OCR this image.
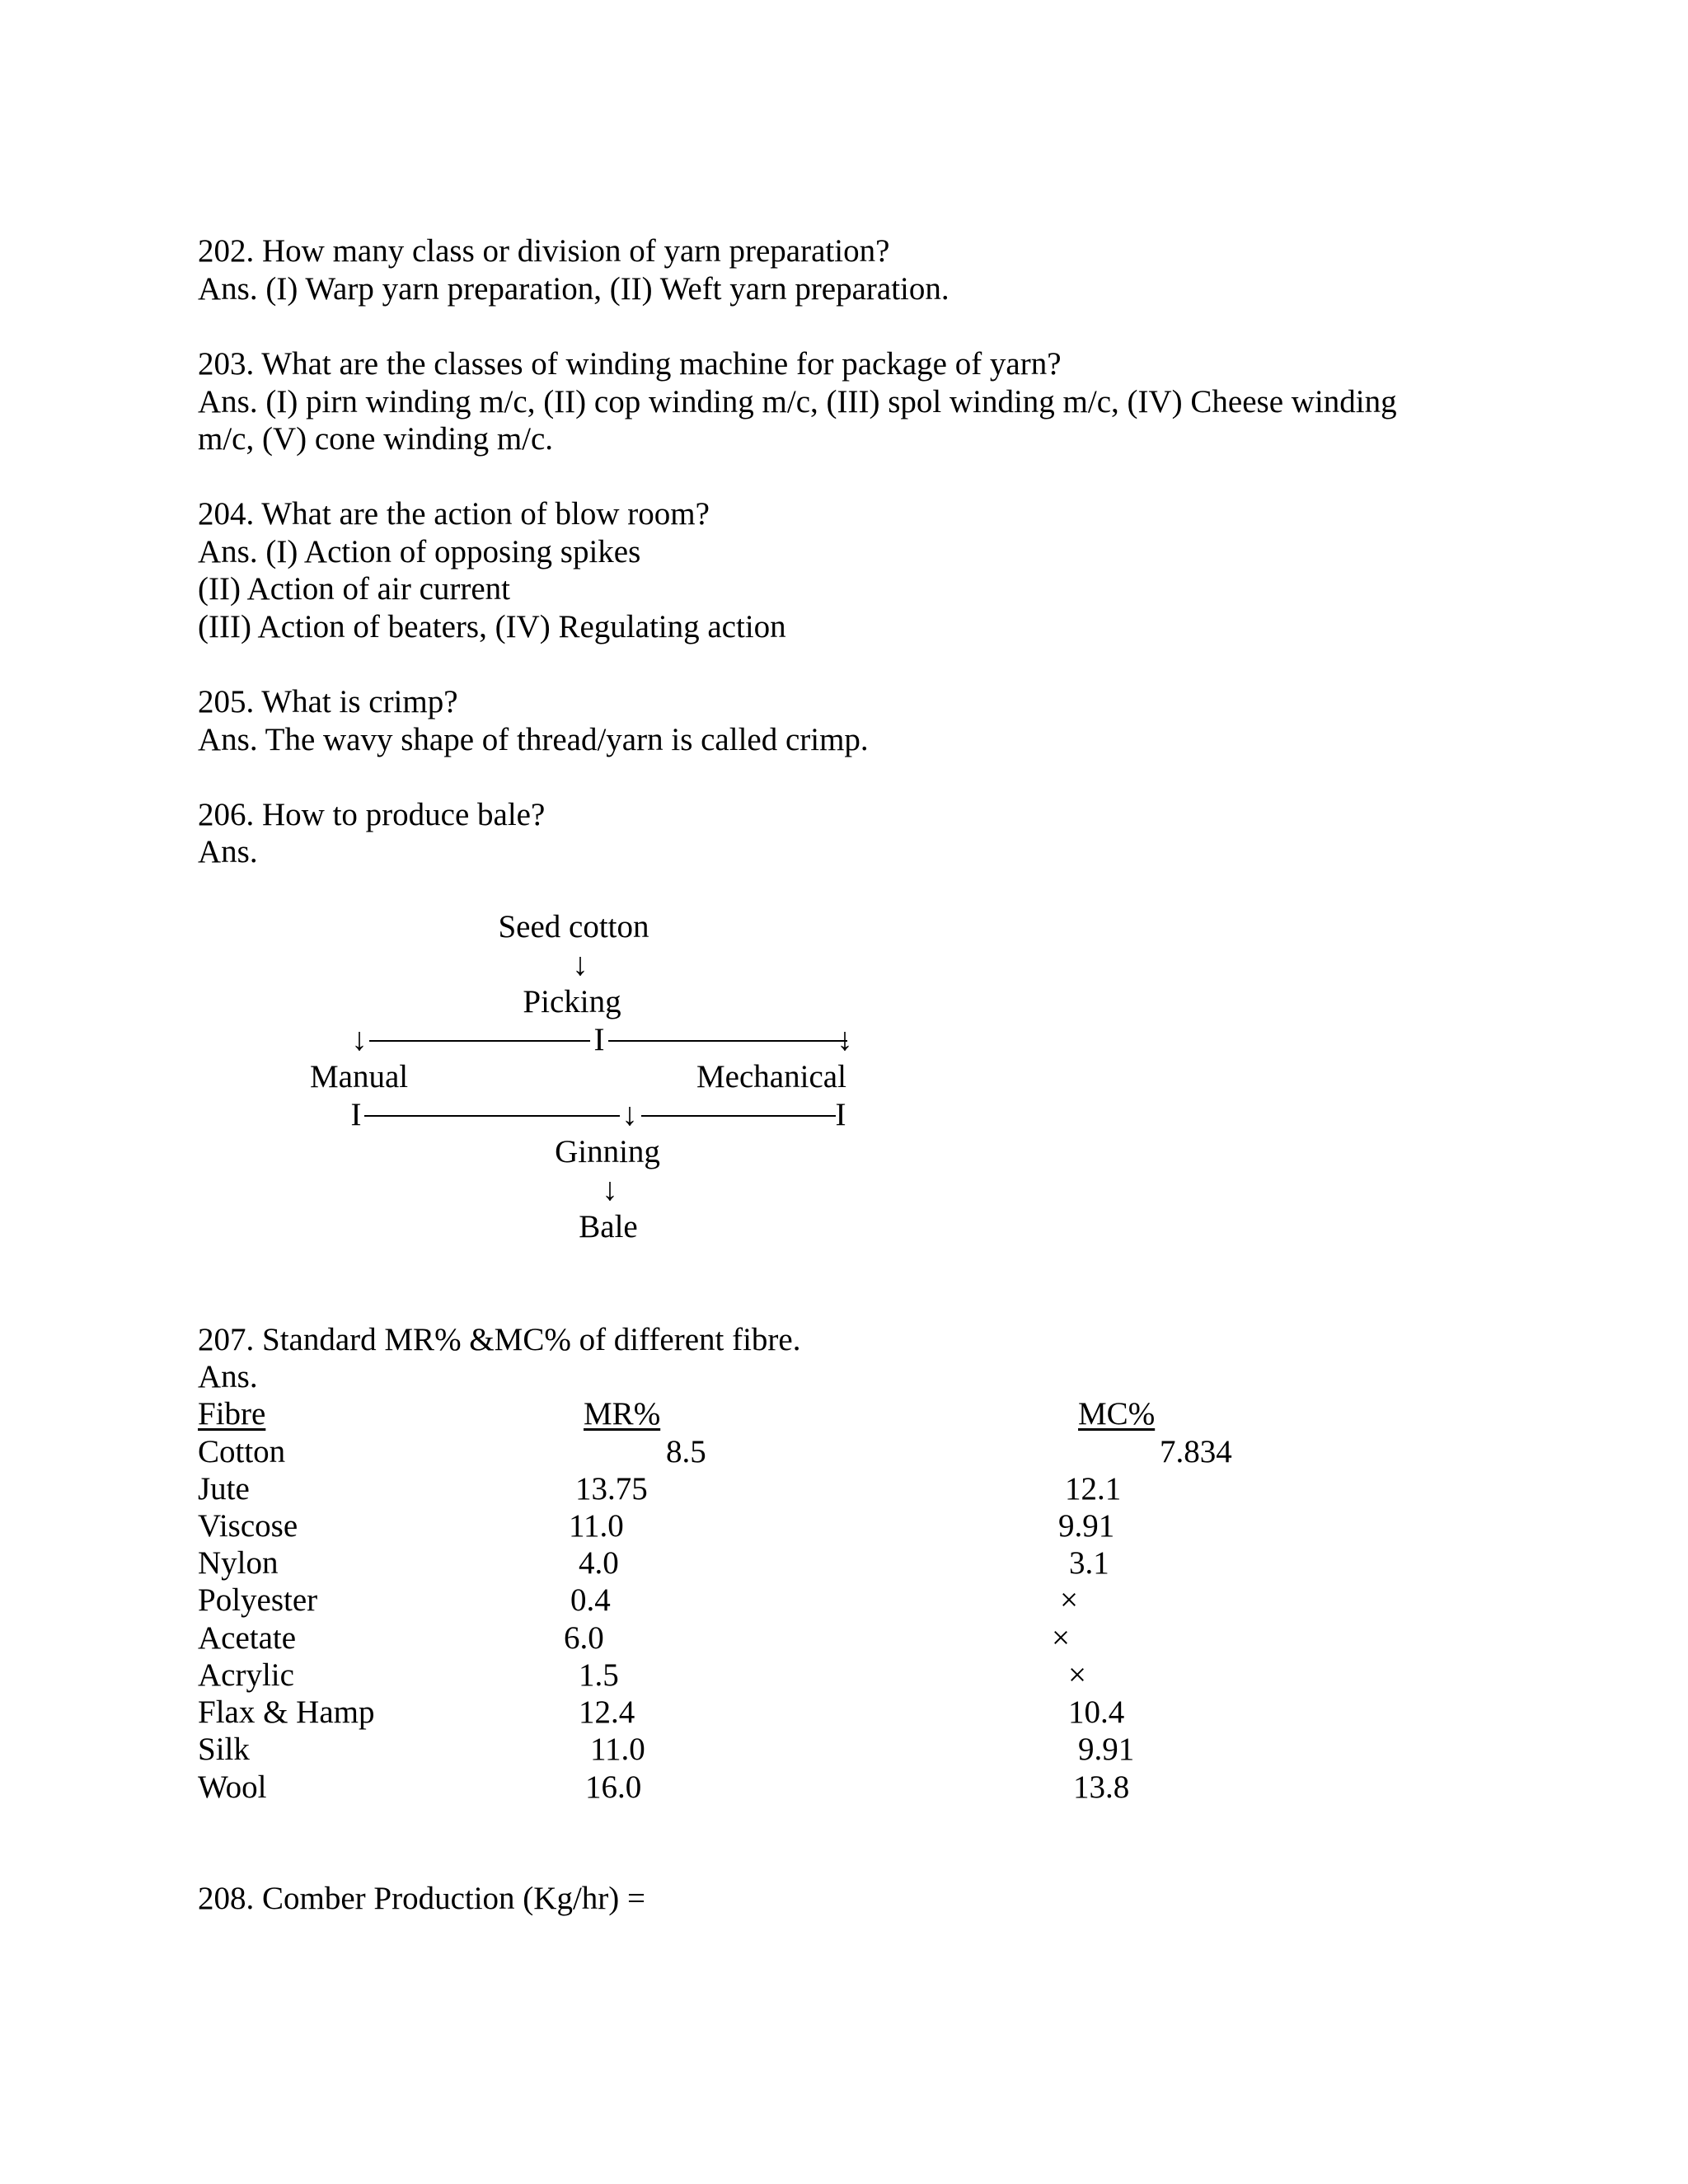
202. How many class or division of yarn preparation?
Ans. (I) Warp yarn preparation, (II) Weft yarn preparation.
203. What are the classes of winding machine for package of yarn?
Ans. (I) pirn winding m/c, (II) cop winding m/c, (III) spol winding m/c, (IV) Cheese winding
m/c, (V) cone winding m/c.
204. What are the action of blow room?
Ans. (I) Action of opposing spikes
(II) Action of air current
(III) Action of beaters, (IV) Regulating action
205. What is crimp?
Ans. The wavy shape of thread/yarn is called crimp.
206. How to produce bale?
Ans.
Seed cotton
↓
Picking
↓	I	↓
Manual	Mechanical
I	↓	I
Ginning
↓
Bale
207. Standard MR% &MC% of different fibre.
Ans.
Fibre	MR%	MC%
Cotton	8.5	7.834
Jute	13.75	12.1
Viscose	11.0	9.91
Nylon	4.0	3.1
Polyester	0.4	×
Acetate	6.0	×
Acrylic	1.5	×
Flax & Hamp	12.4	10.4
Silk	11.0	9.91
Wool	16.0	13.8
208. Comber Production (Kg/hr) =
